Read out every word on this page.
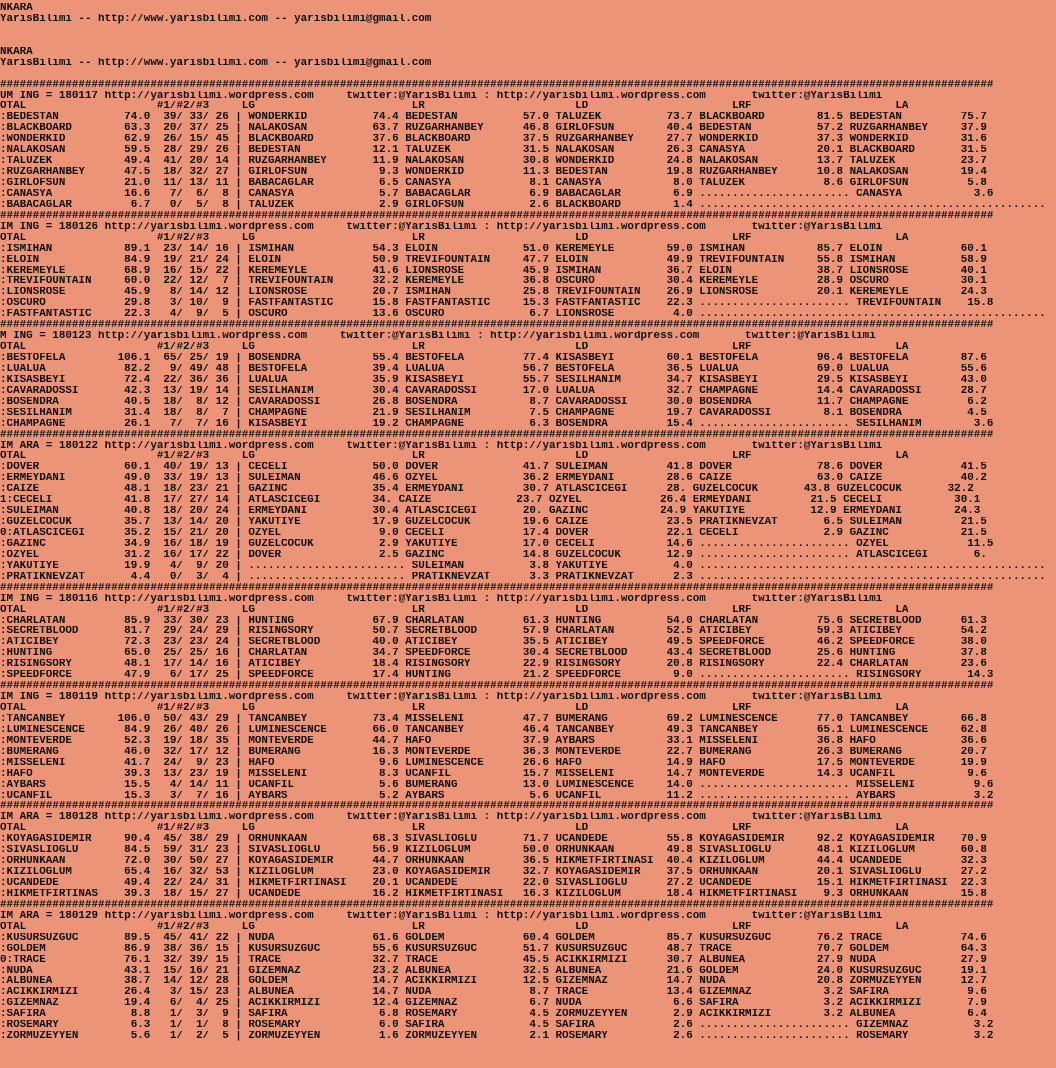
NKARA
YarisBilimi -- http://www.yarisbilimi.com -- yarisbilimi@gmail.com
NKARA
YarisBilimi -- http://www.yarisbilimi.com -- yarisbilimi@gmail.com
########################################################################################################################################################
UM ING = 180117 http://yarisbilimi.wordpress.com     twitter:@YarisBilimi : http://yarisbilimi.wordpress.com       twitter:@YarisBilimi
OTAL                    #1/#2/#3     LG                        LR                       LD                      LRF                      LA
:BEDESTAN          74.0  39/ 33/ 26 | WONDERKID          74.4 BEDESTAN          57.0 TALUZEK          73.7 BLACKBOARD        81.5 BEDESTAN         75.7
:BLACKBOARD        63.3  20/ 37/ 25 | NALAKOSAN          63.7 RUZGARHANBEY      46.8 GIRLOFSUN        40.4 BEDESTAN          57.2 RUZGARHANBEY     37.9
:WONDERKID         62.9  26/ 15/ 45 | BLACKBOARD         37.6 BLACKBOARD        37.5 RUZGARHANBEY     27.7 WONDERKID         37.3 WONDERKID        31.6
:NALAKOSAN         59.5  28/ 29/ 26 | BEDESTAN           12.1 TALUZEK           31.5 NALAKOSAN        26.3 CANASYA           20.1 BLACKBOARD       31.5
:TALUZEK           49.4  41/ 20/ 14 | RUZGARHANBEY       11.9 NALAKOSAN         30.8 WONDERKID        24.8 NALAKOSAN         13.7 TALUZEK          23.7
:RUZGARHANBEY      47.5  18/ 32/ 27 | GIRLOFSUN           9.3 WONDERKID         11.3 BEDESTAN         19.8 RUZGARHANBEY      10.8 NALAKOSAN        19.4
:GIRLOFSUN         21.0  11/ 13/ 11 | BABACAGLAR          6.5 CANASYA            8.1 CANASYA           8.0 TALUZEK            8.6 GIRLOFSUN         5.8
:CANASYA           16.6   7/  6/  8 | CANASYA             5.7 BABACAGLAR         6.9 BABACAGLAR        6.9 ....................... CANASYA           3.6
:BABACAGLAR         6.7   0/  5/  8 | TALUZEK             2.9 GIRLOFSUN          2.6 BLACKBOARD        1.4 .....................................................
########################################################################################################################################################
IM ING = 180126 http://yarisbilimi.wordpress.com     twitter:@YarisBilimi : http://yarisbilimi.wordpress.com       twitter:@YarisBilimi
OTAL                    #1/#2/#3     LG                        LR                       LD                      LRF                      LA
:ISMIHAN           89.1  23/ 14/ 16 | ISMIHAN            54.3 ELOIN             51.0 KEREMEYLE        59.0 ISMIHAN           85.7 ELOIN            60.1
:ELOIN             84.9  19/ 21/ 24 | ELOIN              50.9 TREVIFOUNTAIN     47.7 ELOIN            49.9 TREVIFOUNTAIN     55.8 ISMIHAN          58.9
:KEREMEYLE         68.9  16/ 15/ 22 | KEREMEYLE          41.6 LIONSROSE         45.9 ISMIHAN          36.7 ELOIN             38.7 LIONSROSE        40.1
:TREVIFOUNTAIN     60.0  22/ 12/  7 | TREVIFOUNTAIN      32.2 KEREMEYLE         36.8 OSCURO           30.4 KEREMEYLE         28.9 OSCURO           30.1
:LIONSROSE         45.9   8/ 14/ 12 | LIONSROSE          20.7 ISMIHAN           25.8 TREVIFOUNTAIN    26.9 LIONSROSE         20.1 KEREMEYLE        24.3
:OSCURO            29.8   3/ 10/  9 | FASTFANTASTIC      15.8 FASTFANTASTIC     15.3 FASTFANTASTIC    22.3 ....................... TREVIFOUNTAIN    15.8
:FASTFANTASTIC     22.3   4/  9/  5 | OSCURO             13.6 OSCURO             6.7 LIONSROSE         4.0 .....................................................
########################################################################################################################################################
M ING = 180123 http://yarisbilimi.wordpress.com     twitter:@YarisBilimi : http://yarisbilimi.wordpress.com       twitter:@YarisBilimi
OTAL                    #1/#2/#3     LG                        LR                       LD                      LRF                      LA
:BESTOFELA        106.1  65/ 25/ 19 | BOSENDRA           55.4 BESTOFELA         77.4 KISASBEYI        60.1 BESTOFELA         96.4 BESTOFELA        87.6
:LUALUA            82.2   9/ 49/ 48 | BESTOFELA          39.4 LUALUA            56.7 BESTOFELA        36.5 LUALUA            69.0 LUALUA           55.6
:KISASBEYI         72.4  22/ 36/ 36 | LUALUA             35.9 KISASBEYI         55.7 SESILHANIM       34.7 KISASBEYI         29.5 KISASBEYI        43.0
:CAVARADOSSI       42.3  13/ 19/ 14 | SESILHANIM         30.4 CAVARADOSSI       17.0 LUALUA           32.7 CHAMPAGNE         14.4 CAVARADOSSI      28.7
:BOSENDRA          40.5  18/  8/ 12 | CAVARADOSSI        26.8 BOSENDRA           8.7 CAVARADOSSI      30.0 BOSENDRA          11.7 CHAMPAGNE         6.2
:SESILHANIM        31.4  18/  8/  7 | CHAMPAGNE          21.9 SESILHANIM         7.5 CHAMPAGNE        19.7 CAVARADOSSI        8.1 BOSENDRA          4.5
:CHAMPAGNE         26.1   7/  7/ 16 | KISASBEYI          19.2 CHAMPAGNE          6.3 BOSENDRA         15.4 ....................... SESILHANIM        3.6
########################################################################################################################################################
IM ARA = 180122 http://yarisbilimi.wordpress.com     twitter:@YarisBilimi : http://yarisbilimi.wordpress.com       twitter:@YarisBilimi
OTAL                    #1/#2/#3     LG                        LR                       LD                      LRF                      LA
:DOVER             60.1  40/ 19/ 13 | CECELI             50.0 DOVER             41.7 SULEIMAN         41.8 DOVER             78.6 DOVER            41.5
:ERMEYDANI         49.0  33/ 19/ 13 | SULEIMAN           46.6 OZYEL             36.2 ERMEYDANI        28.6 CAIZE             63.0 CAIZE            40.2
:CAIZE             48.1  18/ 23/ 21 | GAZINC             35.4 ERMEYDANI         30.7 ATLASCICEGI      28. GUZELCOCUK       43.8 GUZELCOCUK       32.2
1:CECELI           41.8  17/ 27/ 14 | ATLASCICEGI        34. CAIZE             23.7 OZYEL            26.4 ERMEYDANI         21.5 CECELI           30.1
:SULEIMAN          40.8  18/ 20/ 24 | ERMEYDANI          30.4 ATLASCICEGI       20. GAZINC           24.9 YAKUTIYE          12.9 ERMEYDANI        24.3
:GUZELCOCUK        35.7  13/ 14/ 20 | YAKUTIYE           17.9 GUZELCOCUK        19.6 CAIZE            23.5 PRATIKNEVZAT       6.5 SULEIMAN         21.5
0:ATLASCICEGI      35.2  15/ 21/ 20 | OZYEL               9.0 CECELI            17.4 DOVER            22.1 CECELI             2.9 GAZINC           21.5
:GAZINC            34.9  16/ 18/ 19 | GUZELCOCUK          2.9 YAKUTIYE          17.0 CECELI           14.6 ....................... OZYEL            11.5
:OZYEL             31.2  16/ 17/ 22 | DOVER               2.5 GAZINC            14.8 GUZELCOCUK       12.9 ....................... ATLASCICEGI       6.
:YAKUTIYE          19.9   4/  9/ 20 | ........................ SULEIMAN          3.8 YAKUTIYE          4.0 .....................................................
:PRATIKNEVZAT       4.4   0/  3/  4 | ........................ PRATIKNEVZAT      3.3 PRATIKNEVZAT      2.3 .....................................................
########################################################################################################################################################
IM ING = 180116 http://yarisbilimi.wordpress.com     twitter:@YarisBilimi : http://yarisbilimi.wordpress.com       twitter:@YarisBilimi
OTAL                    #1/#2/#3     LG                        LR                       LD                      LRF                      LA
:CHARLATAN         85.9  33/ 30/ 23 | HUNTING            67.9 CHARLATAN         61.3 HUNTING          54.0 CHARLATAN         75.6 SECRETBLOOD      61.3
:SECRETBLOOD       81.7  29/ 24/ 29 | RISINGSORY         50.7 SECRETBLOOD       57.9 CHARLATAN        52.5 ATICIBEY          59.3 ATICIBEY         54.2
:ATICIBEY          72.3  23/ 23/ 24 | SECRETBLOOD        40.0 ATICIBEY          35.5 ATICIBEY         49.5 SPEEDFORCE        46.2 SPEEDFORCE       38.0
:HUNTING           65.0  25/ 25/ 16 | CHARLATAN          34.7 SPEEDFORCE        30.4 SECRETBLOOD      43.4 SECRETBLOOD       25.6 HUNTING          37.8
:RISINGSORY        48.1  17/ 14/ 16 | ATICIBEY           18.4 RISINGSORY        22.9 RISINGSORY       20.8 RISINGSORY        22.4 CHARLATAN        23.6
:SPEEDFORCE        47.9   6/ 17/ 25 | SPEEDFORCE         17.4 HUNTING           21.2 SPEEDFORCE        9.0 ....................... RISINGSORY       14.3
########################################################################################################################################################
IM ING = 180119 http://yarisbilimi.wordpress.com     twitter:@YarisBilimi : http://yarisbilimi.wordpress.com       twitter:@YarisBilimi
OTAL                    #1/#2/#3     LG                        LR                       LD                      LRF                      LA
:TANCANBEY        106.0  50/ 43/ 29 | TANCANBEY          73.4 MISSELENI         47.7 BUMERANG         69.2 LUMINESCENCE      77.0 TANCANBEY        66.8
:LUMINESCENCE      84.9  26/ 40/ 26 | LUMINESCENCE       66.0 TANCANBEY         46.4 TANCANBEY        49.3 TANCANBEY         65.1 LUMINESCENCE     62.8
:MONTEVERDE        52.3  19/ 18/ 35 | MONTEVERDE         44.7 HAFO              37.9 AYBARS           33.1 MISSELENI         36.8 HAFO             36.6
:BUMERANG          46.0  32/ 17/ 12 | BUMERANG           16.3 MONTEVERDE        36.3 MONTEVERDE       22.7 BUMERANG          26.3 BUMERANG         20.7
:MISSELENI         41.7  24/  9/ 23 | HAFO                9.6 LUMINESCENCE      26.6 HAFO             14.9 HAFO              17.5 MONTEVERDE       19.9
:HAFO              39.3  13/ 23/ 19 | MISSELENI           8.3 UCANFIL           15.7 MISSELENI        14.7 MONTEVERDE        14.3 UCANFIL           9.6
:AYBARS            15.5   4/ 14/ 11 | UCANFIL             5.6 BUMERANG          13.0 LUMINESCENCE     14.0 ....................... MISSELENI         9.6
:UCANFIL           15.3   3/  7/ 16 | AYBARS              5.2 AYBARS             5.6 UCANFIL          11.2 ....................... AYBARS            3.2
########################################################################################################################################################
IM ARA = 180128 http://yarisbilimi.wordpress.com     twitter:@YarisBilimi : http://yarisbilimi.wordpress.com       twitter:@YarisBilimi
OTAL                    #1/#2/#3     LG                        LR                       LD                      LRF                      LA
:KOYAGASIDEMIR     90.4  45/ 38/ 29 | ORHUNKAAN          68.3 SIVASLIOGLU       71.7 UCANDEDE         55.8 KOYAGASIDEMIR     92.2 KOYAGASIDEMIR    70.9
:SIVASLIOGLU       84.5  59/ 31/ 23 | SIVASLIOGLU        56.9 KIZILOGLUM        50.0 ORHUNKAAN        49.8 SIVASLIOGLU       48.1 KIZILOGLUM       60.8
:ORHUNKAAN         72.0  30/ 50/ 27 | KOYAGASIDEMIR      44.7 ORHUNKAAN         36.5 HIKMETFIRTINASI  40.4 KIZILOGLUM        44.4 UCANDEDE         32.3
:KIZILOGLUM        65.4  16/ 32/ 53 | KIZILOGLUM         23.0 KOYAGASIDEMIR     32.7 KOYAGASIDEMIR    37.5 ORHUNKAAN         20.1 SIVASLIOGLU      27.2
:UCANDEDE          49.4  22/ 24/ 31 | HIKMETFIRTINASI    20.1 UCANDEDE          22.0 SIVASLIOGLU      27.2 UCANDEDE          15.1 HIKMETFIRTINASI  22.3
:HIKMETFIRTINAS    39.3  18/ 15/ 27 | UCANDEDE           16.2 HIKMETFIRTINASI   16.3 KIZILOGLUM       18.4 HIKMETFIRTINASI    9.3 ORHUNKAAN        15.8
########################################################################################################################################################
IM ARA = 180129 http://yarisbilimi.wordpress.com     twitter:@YarisBilimi : http://yarisbilimi.wordpress.com       twitter:@YarisBilimi
OTAL                    #1/#2/#3     LG                        LR                       LD                      LRF                      LA
:KUSURSUZGUC       89.5  45/ 41/ 22 | NUDA               61.6 GOLDEM            60.4 GOLDEM           85.7 KUSURSUZGUC       76.2 TRACE            74.6
:GOLDEM            86.9  38/ 36/ 15 | KUSURSUZGUC        55.6 KUSURSUZGUC       51.7 KUSURSUZGUC      48.7 TRACE             70.7 GOLDEM           64.3
0:TRACE            76.1  32/ 39/ 15 | TRACE              32.7 TRACE             45.5 ACIKKIRMIZI      30.7 ALBUNEA           27.9 NUDA             27.9
:NUDA              43.1  15/ 16/ 21 | GIZEMNAZ           23.2 ALBUNEA           32.5 ALBUNEA          21.6 GOLDEM            24.0 KUSURSUZGUC      19.1
:ALBUNEA           38.7  14/ 12/ 28 | GOLDEM             14.7 ACIKKIRMIZI       12.5 GIZEMNAZ         14.7 NUDA              20.8 ZORMUZEYYEN      12.7
:ACIKKIRMIZI       26.4   3/ 15/ 23 | ALBUNEA            14.7 NUDA               8.7 TRACE            13.4 GIZEMNAZ           3.2 SAFIRA            9.6
:GIZEMNAZ          19.4   6/  4/ 25 | ACIKKIRMIZI        12.4 GIZEMNAZ           6.7 NUDA              6.6 SAFIRA             3.2 ACIKKIRMIZI       7.9
:SAFIRA             8.8   1/  3/  9 | SAFIRA              6.8 ROSEMARY           4.5 ZORMUZEYYEN       2.9 ACIKKIRMIZI        3.2 ALBUNEA           6.4
:ROSEMARY           6.3   1/  1/  8 | ROSEMARY            6.0 SAFIRA             4.5 SAFIRA            2.6 ....................... GIZEMNAZ          3.2
:ZORMUZEYYEN        5.6   1/  2/  5 | ZORMUZEYYEN         1.6 ZORMUZEYYEN        2.1 ROSEMARY          2.6 ....................... ROSEMARY          3.2
